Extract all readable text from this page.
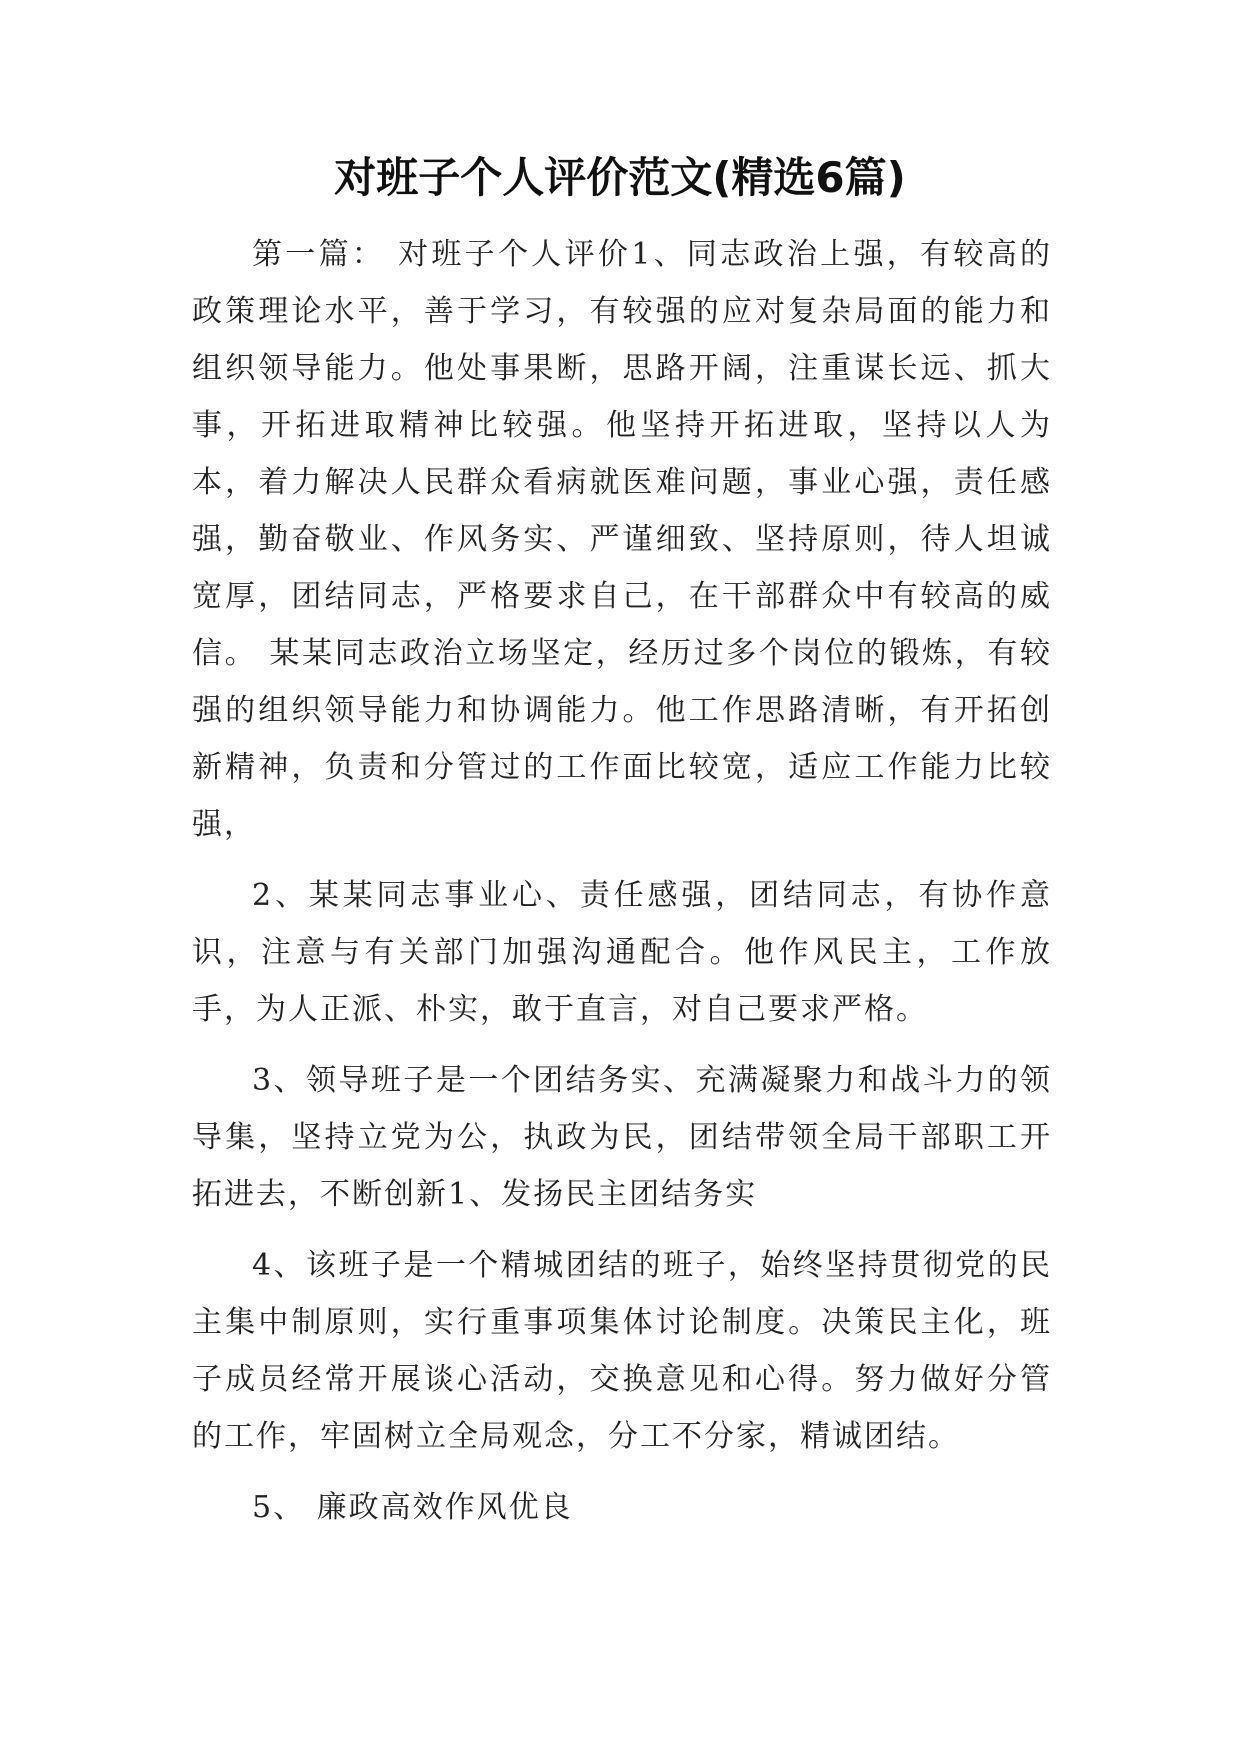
对班子个人评价范文(精选6篇)

第一篇： 对班子个人评价1、同志政治上强，有较高的政策理论水平，善于学习，有较强的应对复杂局面的能力和组织领导能力。他处事果断，思路开阔，注重谋长远、抓大事，开拓进取精神比较强。他坚持开拓进取，坚持以人为本，着力解决人民群众看病就医难问题，事业心强，责任感强，勤奋敬业、作风务实、严谨细致、坚持原则，待人坦诚宽厚，团结同志，严格要求自己，在干部群众中有较高的威信。 某某同志政治立场坚定，经历过多个岗位的锻炼，有较强的组织领导能力和协调能力。他工作思路清晰，有开拓创新精神，负责和分管过的工作面比较宽，适应工作能力比较强，

2、某某同志事业心、责任感强，团结同志，有协作意识，注意与有关部门加强沟通配合。他作风民主，工作放手，为人正派、朴实，敢于直言，对自己要求严格。

3、领导班子是一个团结务实、充满凝聚力和战斗力的领导集，坚持立党为公，执政为民，团结带领全局干部职工开拓进去，不断创新1、发扬民主团结务实

4、该班子是一个精城团结的班子，始终坚持贯彻党的民主集中制原则，实行重事项集体讨论制度。决策民主化，班子成员经常开展谈心活动，交换意见和心得。努力做好分管的工作，牢固树立全局观念，分工不分家，精诚团结。

5、 廉政高效作风优良
